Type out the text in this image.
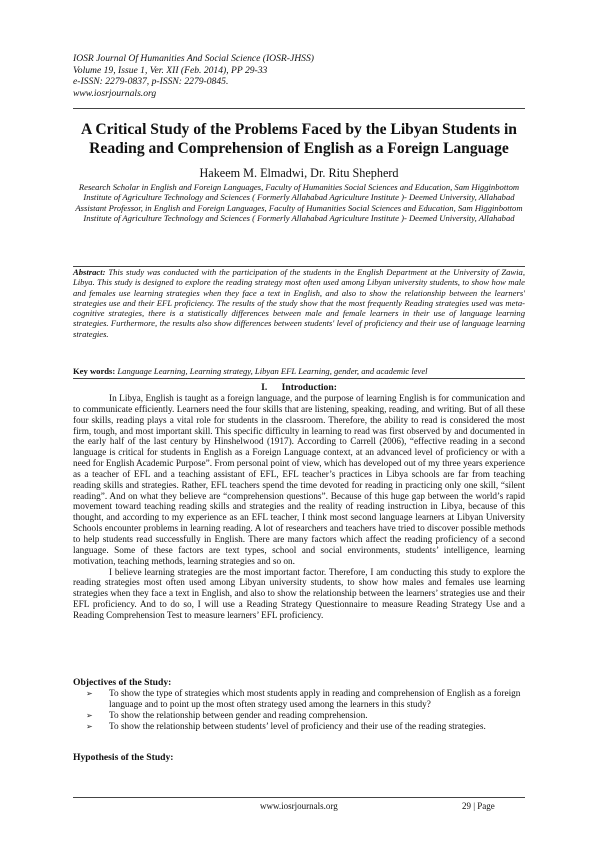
IOSR Journal Of Humanities And Social Science (IOSR-JHSS)
Volume 19, Issue 1, Ver. XII (Feb. 2014), PP 29-33
e-ISSN: 2279-0837, p-ISSN: 2279-0845.
www.iosrjournals.org
A Critical Study of the Problems Faced by the Libyan Students in Reading and Comprehension of English as a Foreign Language
Hakeem M. Elmadwi, Dr. Ritu Shepherd

Research Scholar in English and Foreign Languages, Faculty of Humanities Social Sciences and Education, Sam Higginbottom Institute of Agriculture Technology and Sciences ( Formerly Allahabad Agriculture Institute )- Deemed University, Allahabad

Assistant Professor, in English and Foreign Languages, Faculty of Humanities Social Sciences and Education, Sam Higginbottom Institute of Agriculture Technology and Sciences ( Formerly Allahabad Agriculture Institute )- Deemed University, Allahabad

Abstract: This study was conducted with the participation of the students in the English Department at the University of Zawia, Libya. This study is designed to explore the reading strategy most often used among Libyan university students, to show how male and females use learning strategies when they face a text in English, and also to show the relationship between the learners' strategies use and their EFL proficiency. The results of the study show that the most frequently Reading strategies used was meta-cognitive strategies, there is a statistically differences between male and female learners in their use of language learning strategies. Furthermore, the results also show differences between students' level of proficiency and their use of language learning strategies.
Key words: Language Learning, Learning strategy, Libyan EFL Learning, gender, and academic level
I. Introduction:

In Libya, English is taught as a foreign language, and the purpose of learning English is for communication and to communicate efficiently. Learners need the four skills that are listening, speaking, reading, and writing. But of all these four skills, reading plays a vital role for students in the classroom. Therefore, the ability to read is considered the most firm, tough, and most important skill. This specific difficulty in learning to read was first observed by and documented in the early half of the last century by Hinshelwood (1917). According to Carrell (2006), “effective reading in a second language is critical for students in English as a Foreign Language context, at an advanced level of proficiency or with a need for English Academic Purpose”. From personal point of view, which has developed out of my three years experience as a teacher of EFL and a teaching assistant of EFL, EFL teacher’s practices in Libya schools are far from teaching reading skills and strategies. Rather, EFL teachers spend the time devoted for reading in practicing only one skill, “silent reading”. And on what they believe are “comprehension questions”. Because of this huge gap between the world’s rapid movement toward teaching reading skills and strategies and the reality of reading instruction in Libya, because of this thought, and according to my experience as an EFL teacher, I think most second language learners at Libyan University Schools encounter problems in learning reading. A lot of researchers and teachers have tried to discover possible methods to help students read successfully in English. There are many factors which affect the reading proficiency of a second language. Some of these factors are text types, school and social environments, students’ intelligence, learning motivation, teaching methods, learning strategies and so on.

I believe learning strategies are the most important factor. Therefore, I am conducting this study to explore the reading strategies most often used among Libyan university students, to show how males and females use learning strategies when they face a text in English, and also to show the relationship between the learners’ strategies use and their EFL proficiency. And to do so, I will use a Reading Strategy Questionnaire to measure Reading Strategy Use and a Reading Comprehension Test to measure learners’ EFL proficiency.

Objectives of the Study:
➢ To show the type of strategies which most students apply in reading and comprehension of English as a foreign language and to point up the most often strategy used among the learners in this study?
➢ To show the relationship between gender and reading comprehension.
➢ To show the relationship between students’ level of proficiency and their use of the reading strategies.
Hypothesis of the Study:
www.iosrjournals.org	29 | Page
